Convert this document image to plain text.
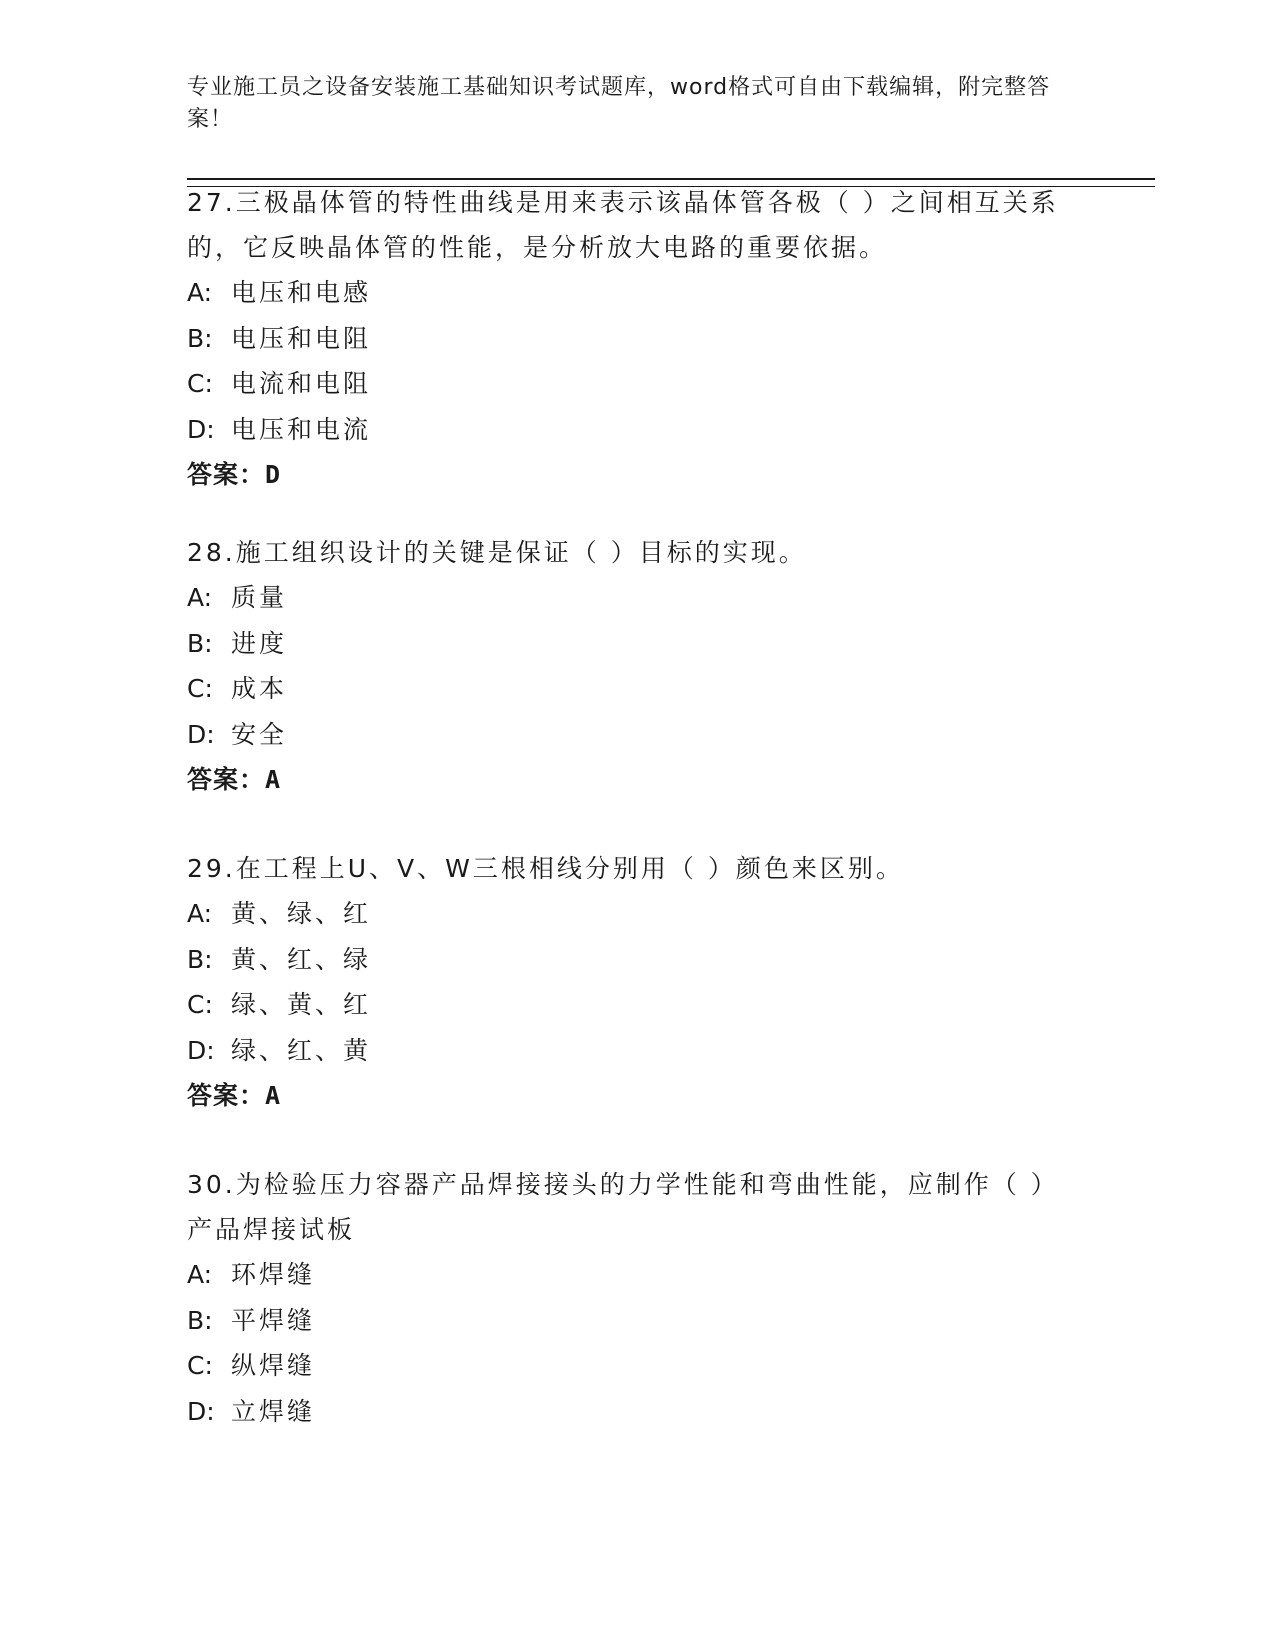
专业施工员之设备安装施工基础知识考试题库，word格式可自由下载编辑，附完整答案！

27.三极晶体管的特性曲线是用来表示该晶体管各极（ ）之间相互关系的，它反映晶体管的性能，是分析放大电路的重要依据。

A: 电压和电感

B: 电压和电阻

C: 电流和电阻

D: 电压和电流

答案：D

28.施工组织设计的关键是保证（ ）目标的实现。

A: 质量

B: 进度

C: 成本

D: 安全

答案：A

29.在工程上U、V、W三根相线分别用（ ）颜色来区别。

A: 黄、绿、红

B: 黄、红、绿

C: 绿、黄、红

D: 绿、红、黄

答案：A

30.为检验压力容器产品焊接接头的力学性能和弯曲性能，应制作（ ）产品焊接试板

A: 环焊缝

B: 平焊缝

C: 纵焊缝

D: 立焊缝
